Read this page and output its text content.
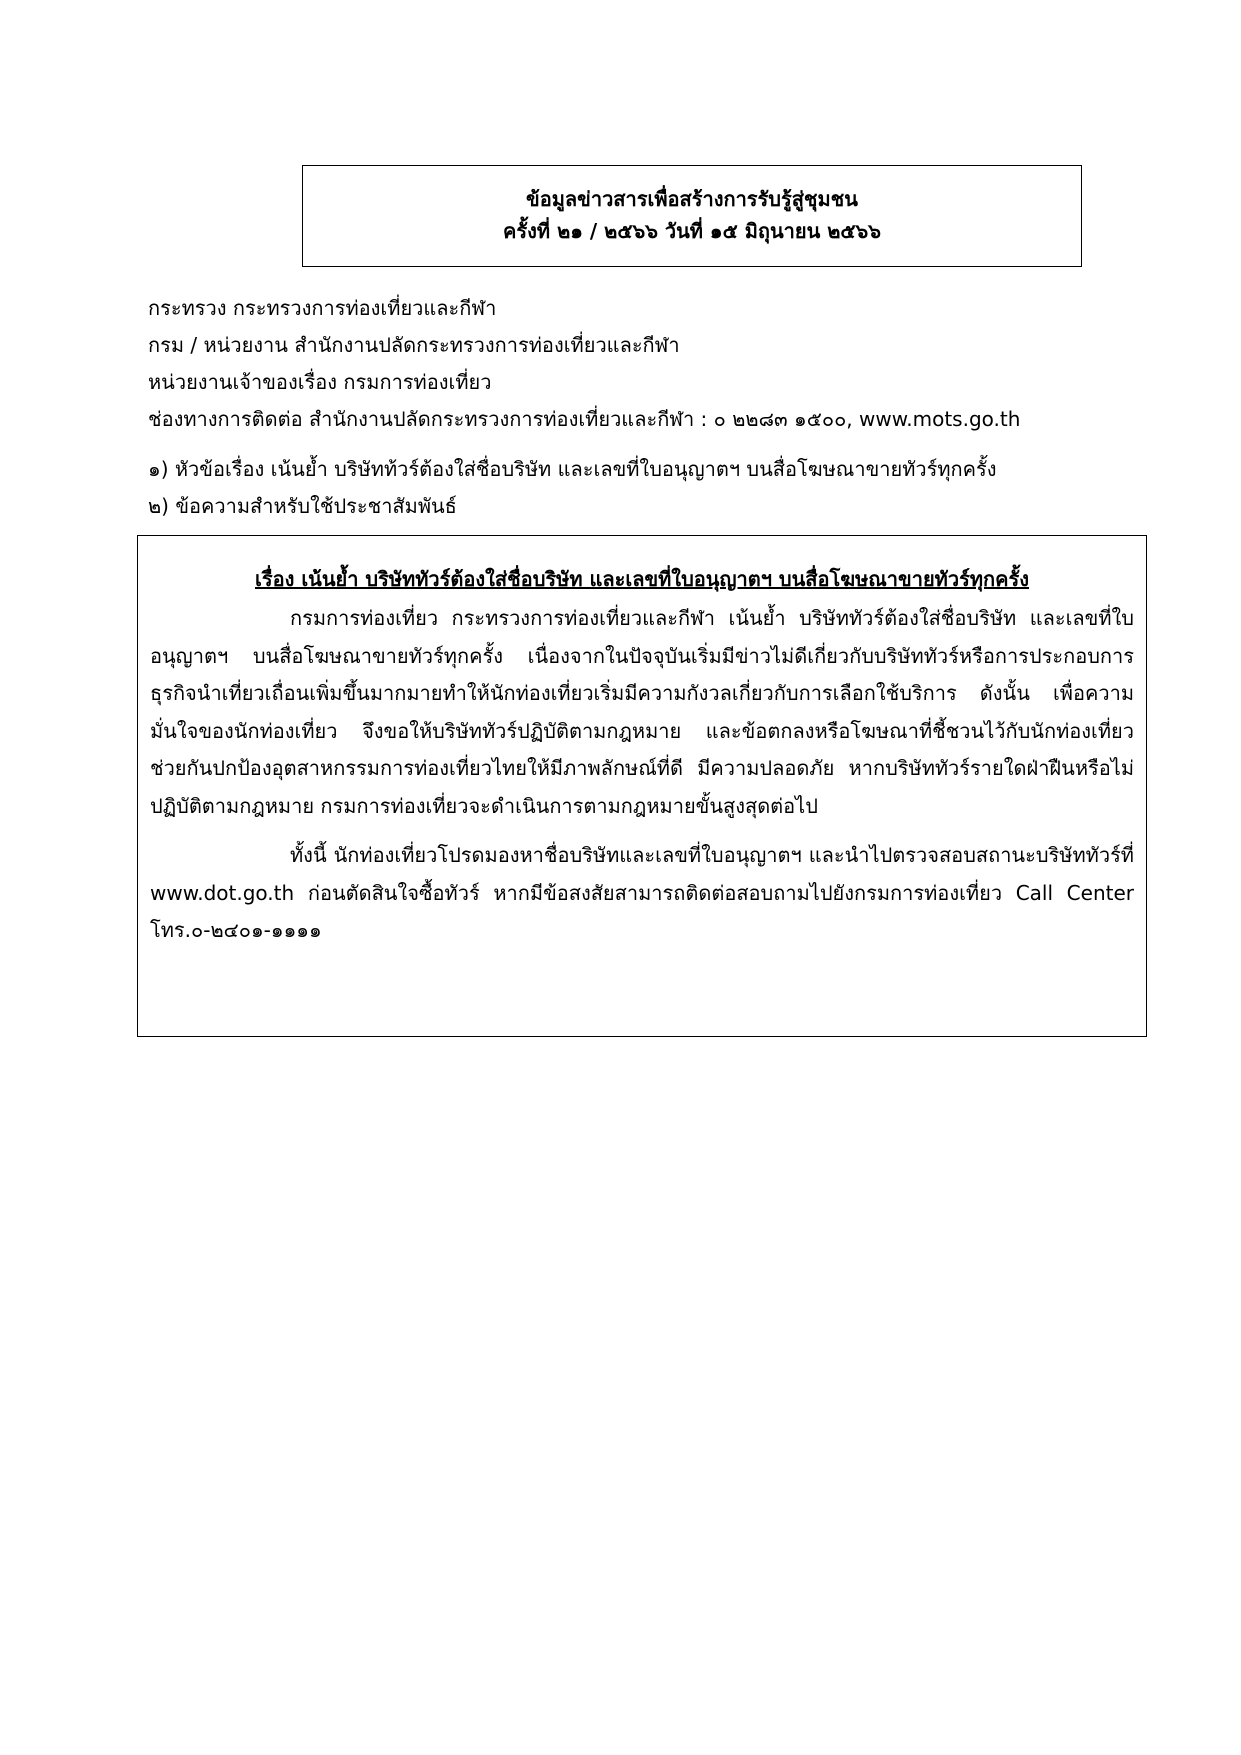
ข้อมูลข่าวสารเพื่อสร้างการรับรู้สู่ชุมชน
ครั้งที่ ๒๑ / ๒๕๖๖ วันที่ ๑๕ มิถุนายน ๒๕๖๖
กระทรวง กระทรวงการท่องเที่ยวและกีฬา
กรม / หน่วยงาน สำนักงานปลัดกระทรวงการท่องเที่ยวและกีฬา
หน่วยงานเจ้าของเรื่อง กรมการท่องเที่ยว
ช่องทางการติดต่อ สำนักงานปลัดกระทรวงการท่องเที่ยวและกีฬา : ๐ ๒๒๘๓ ๑๕๐๐, www.mots.go.th
๑) หัวข้อเรื่อง เน้นย้ำ บริษัทท้วร์ต้องใส่ชื่อบริษัท และเลขที่ใบอนุญาตฯ บนสื่อโฆษณาขายทัวร์ทุกครั้ง
๒) ข้อความสำหรับใช้ประชาสัมพันธ์
เรื่อง เน้นย้ำ บริษัททัวร์ต้องใส่ชื่อบริษัท และเลขที่ใบอนุญาตฯ บนสื่อโฆษณาขายทัวร์ทุกครั้ง

กรมการท่องเที่ยว กระทรวงการท่องเที่ยวและกีฬา เน้นย้ำ บริษัททัวร์ต้องใส่ชื่อบริษัท และเลขที่ใบอนุญาตฯ บนสื่อโฆษณาขายทัวร์ทุกครั้ง เนื่องจากในปัจจุบันเริ่มมีข่าวไม่ดีเกี่ยวกับบริษัททัวร์หรือการประกอบการธุรกิจนำเที่ยวเถื่อนเพิ่มขึ้นมากมายทำให้นักท่องเที่ยวเริ่มมีความกังวลเกี่ยวกับการเลือกใช้บริการ ดังนั้น เพื่อความมั่นใจของนักท่องเที่ยว จึงขอให้บริษัททัวร์ปฏิบัติตามกฎหมาย และข้อตกลงหรือโฆษณาที่ชี้ชวนไว้กับนักท่องเที่ยว ช่วยกันปกป้องอุตสาหกรรมการท่องเที่ยวไทยให้มีภาพลักษณ์ที่ดี มีความปลอดภัย หากบริษัททัวร์รายใดฝ่าฝืนหรือไม่ปฏิบัติตามกฎหมาย กรมการท่องเที่ยวจะดำเนินการตามกฎหมายขั้นสูงสุดต่อไป

ทั้งนี้ นักท่องเที่ยวโปรดมองหาชื่อบริษัทและเลขที่ใบอนุญาตฯ และนำไปตรวจสอบสถานะบริษัททัวร์ที่ www.dot.go.th ก่อนตัดสินใจซื้อทัวร์ หากมีข้อสงสัยสามารถติดต่อสอบถามไปยังกรมการท่องเที่ยว Call Center โทร.๐-๒๔๐๑-๑๑๑๑
